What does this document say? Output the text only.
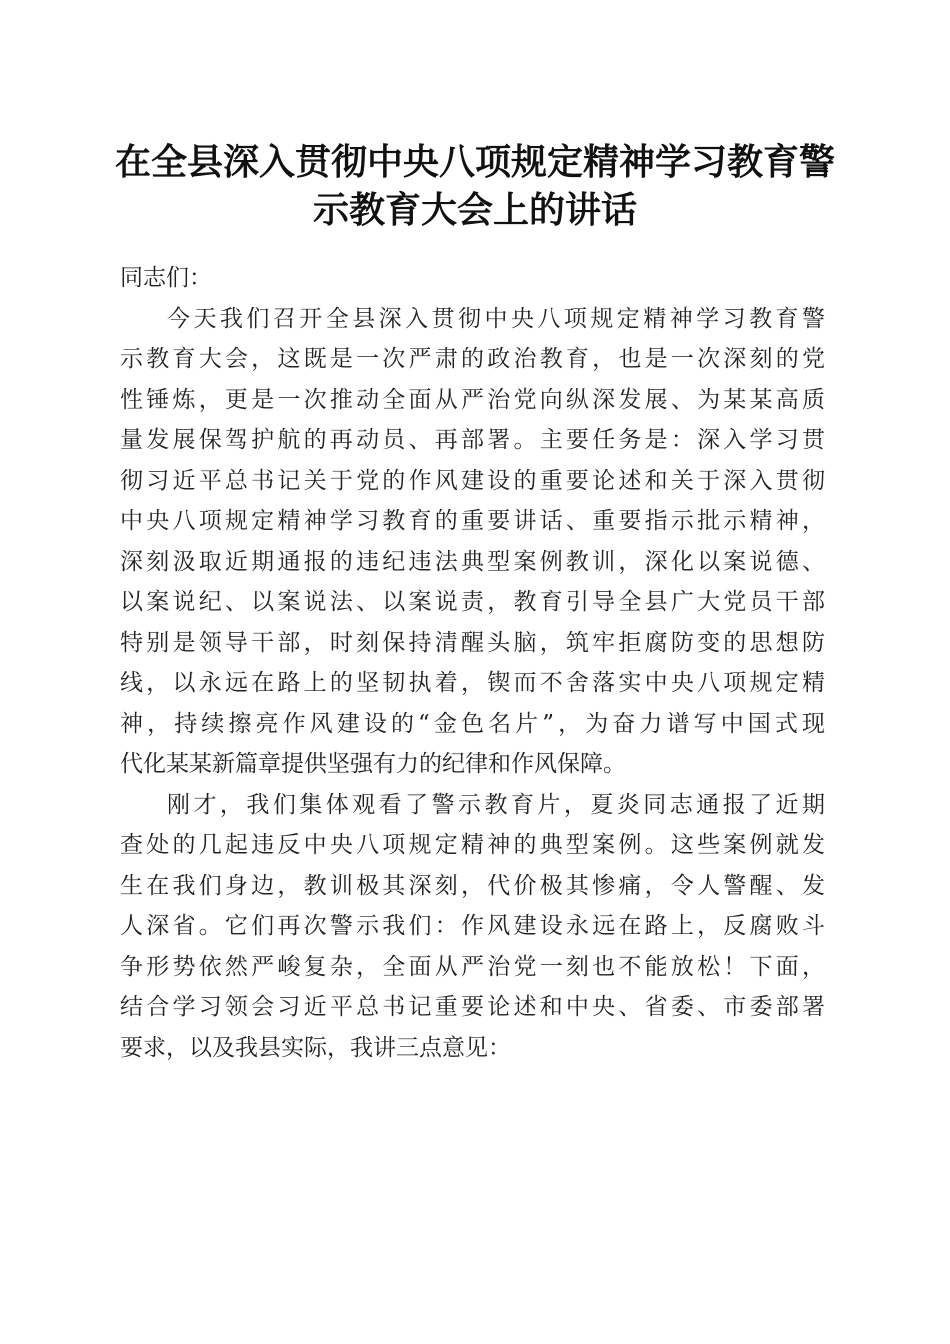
在全县深入贯彻中央八项规定精神学习教育警
示教育大会上的讲话
同志们：
今天我们召开全县深入贯彻中央八项规定精神学习教育警
示教育大会，这既是一次严肃的政治教育，也是一次深刻的党
性锤炼，更是一次推动全面从严治党向纵深发展、为某某高质
量发展保驾护航的再动员、再部署。主要任务是：深入学习贯
彻习近平总书记关于党的作风建设的重要论述和关于深入贯彻
中央八项规定精神学习教育的重要讲话、重要指示批示精神，
深刻汲取近期通报的违纪违法典型案例教训，深化以案说德、
以案说纪、以案说法、以案说责，教育引导全县广大党员干部
特别是领导干部，时刻保持清醒头脑，筑牢拒腐防变的思想防
线，以永远在路上的坚韧执着，锲而不舍落实中央八项规定精
神，持续擦亮作风建设的“金色名片”，为奋力谱写中国式现
代化某某新篇章提供坚强有力的纪律和作风保障。
刚才，我们集体观看了警示教育片，夏炎同志通报了近期
查处的几起违反中央八项规定精神的典型案例。这些案例就发
生在我们身边，教训极其深刻，代价极其惨痛，令人警醒、发
人深省。它们再次警示我们：作风建设永远在路上，反腐败斗
争形势依然严峻复杂，全面从严治党一刻也不能放松！下面，
结合学习领会习近平总书记重要论述和中央、省委、市委部署
要求，以及我县实际，我讲三点意见：
